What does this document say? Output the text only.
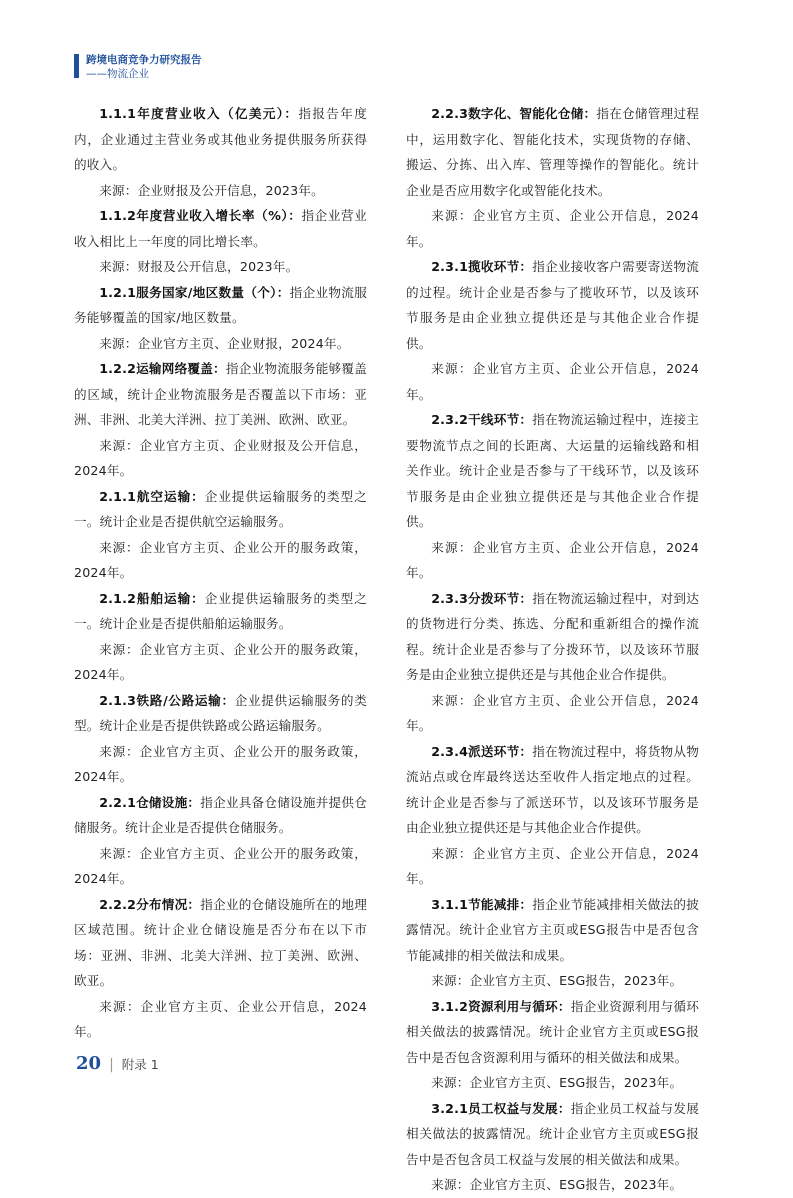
跨境电商竞争力研究报告
——物流企业

1.1.1年度营业收入（亿美元）：指报告年度内，企业通过主营业务或其他业务提供服务所获得的收入。

来源：企业财报及公开信息，2023年。

1.1.2年度营业收入增长率（%）：指企业营业收入相比上一年度的同比增长率。

来源：财报及公开信息，2023年。

1.2.1服务国家/地区数量（个）：指企业物流服务能够覆盖的国家/地区数量。

来源：企业官方主页、企业财报，2024年。

1.2.2运输网络覆盖：指企业物流服务能够覆盖的区域，统计企业物流服务是否覆盖以下市场：亚洲、非洲、北美大洋洲、拉丁美洲、欧洲、欧亚。

来源：企业官方主页、企业财报及公开信息，2024年。

2.1.1航空运输：企业提供运输服务的类型之一。统计企业是否提供航空运输服务。

来源：企业官方主页、企业公开的服务政策，2024年。

2.1.2船舶运输：企业提供运输服务的类型之一。统计企业是否提供船舶运输服务。

来源：企业官方主页、企业公开的服务政策，2024年。

2.1.3铁路/公路运输：企业提供运输服务的类型。统计企业是否提供铁路或公路运输服务。

来源：企业官方主页、企业公开的服务政策，2024年。

2.2.1仓储设施：指企业具备仓储设施并提供仓储服务。统计企业是否提供仓储服务。

来源：企业官方主页、企业公开的服务政策，2024年。

2.2.2分布情况：指企业的仓储设施所在的地理区域范围。统计企业仓储设施是否分布在以下市场：亚洲、非洲、北美大洋洲、拉丁美洲、欧洲、欧亚。

来源：企业官方主页、企业公开信息，2024年。

2.2.3数字化、智能化仓储：指在仓储管理过程中，运用数字化、智能化技术，实现货物的存储、搬运、分拣、出入库、管理等操作的智能化。统计企业是否应用数字化或智能化技术。

来源：企业官方主页、企业公开信息，2024 年。

2.3.1揽收环节：指企业接收客户需要寄送物流的过程。统计企业是否参与了揽收环节，以及该环节服务是由企业独立提供还是与其他企业合作提供。

来源：企业官方主页、企业公开信息，2024 年。

2.3.2干线环节：指在物流运输过程中，连接主要物流节点之间的长距离、大运量的运输线路和相关作业。统计企业是否参与了干线环节，以及该环节服务是由企业独立提供还是与其他企业合作提供。

来源：企业官方主页、企业公开信息，2024 年。

2.3.3分拨环节：指在物流运输过程中，对到达的货物进行分类、拣选、分配和重新组合的操作流程。统计企业是否参与了分拨环节，以及该环节服务是由企业独立提供还是与其他企业合作提供。

来源：企业官方主页、企业公开信息，2024 年。

2.3.4派送环节：指在物流过程中，将货物从物流站点或仓库最终送达至收件人指定地点的过程。统计企业是否参与了派送环节，以及该环节服务是由企业独立提供还是与其他企业合作提供。

来源：企业官方主页、企业公开信息，2024 年。

3.1.1节能减排：指企业节能减排相关做法的披露情况。统计企业官方主页或ESG报告中是否包含节能减排的相关做法和成果。

来源：企业官方主页、ESG报告，2023年。

3.1.2资源利用与循环：指企业资源利用与循环相关做法的披露情况。统计企业官方主页或ESG报告中是否包含资源利用与循环的相关做法和成果。

来源：企业官方主页、ESG报告，2023年。

3.2.1员工权益与发展：指企业员工权益与发展相关做法的披露情况。统计企业官方主页或ESG报告中是否包含员工权益与发展的相关做法和成果。

来源：企业官方主页、ESG报告，2023年。

20 | 附录 1
